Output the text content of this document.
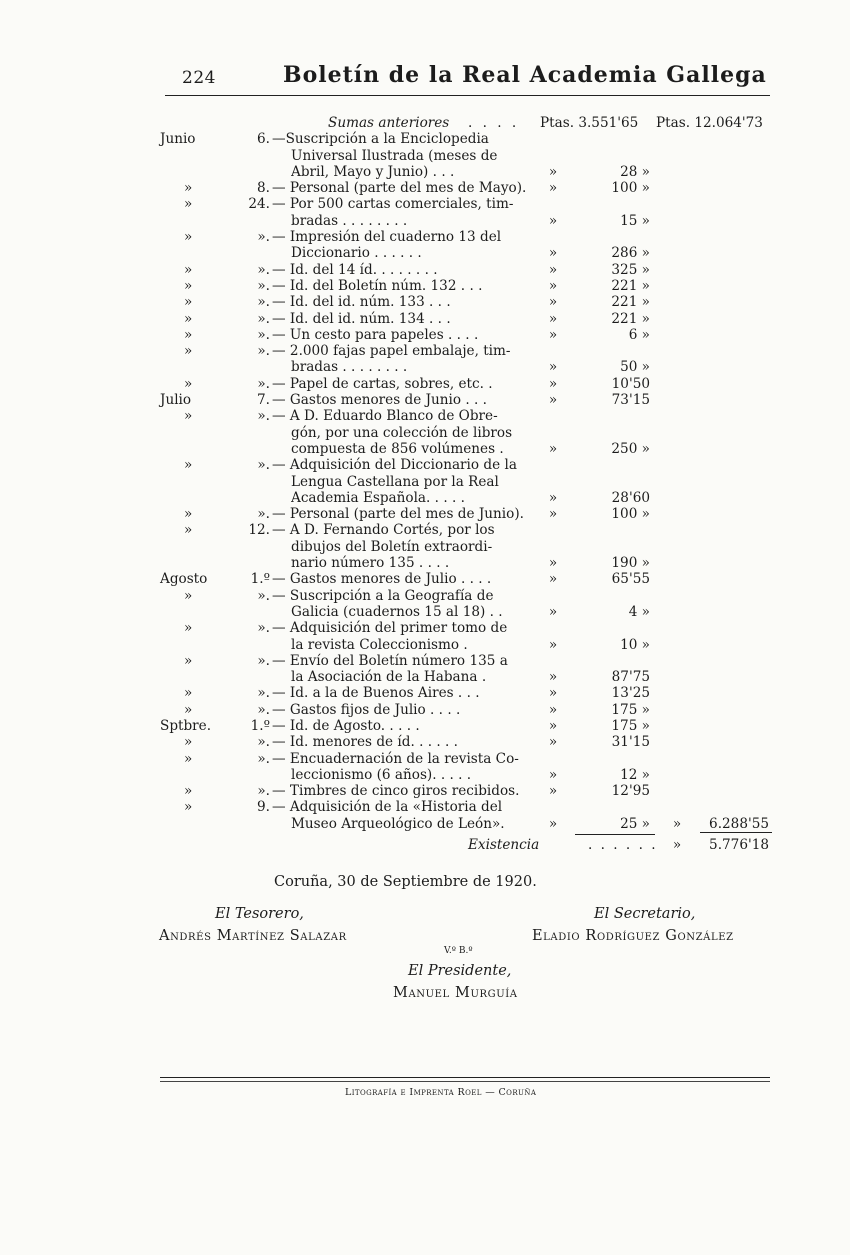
224	Boletín de la Real Academia Gallega
Sumas anteriores . . . . Ptas. 3.551'65 Ptas. 12.064'73
Junio	6. —Suscripción a la Enciclopedia
Universal Ilustrada (meses de
Abril, Mayo y Junio) . . .	»	28 »
»	8. — Personal (parte del mes de Mayo).	»	100 »
»	24. — Por 500 cartas comerciales, tim-
bradas . . . . . . . .	»	15 »
»	». — Impresión del cuaderno 13 del
Diccionario . . . . . .	»	286 »
»	». — Id. del 14 íd. . . . . . . .	»	325 »
»	». — Id. del Boletín núm. 132 . . .	»	221 »
»	». — Id. del id. núm. 133 . . .	»	221 »
»	». — Id. del id. núm. 134 . . .	»	221 »
»	». — Un cesto para papeles . . . .	»	6 »
»	». — 2.000 fajas papel embalaje, tim-
bradas . . . . . . . .	»	50 »
»	». — Papel de cartas, sobres, etc. .	»	10'50
Julio	7. — Gastos menores de Junio . . .	»	73'15
»	». — A D. Eduardo Blanco de Obre-
gón, por una colección de libros
compuesta de 856 volúmenes .	»	250 »
»	». — Adquisición del Diccionario de la
Lengua Castellana por la Real
Academia Española. . . . .	»	28'60
»	». — Personal (parte del mes de Junio).	»	100 »
»	12. — A D. Fernando Cortés, por los
dibujos del Boletín extraordi-
nario número 135 . . . .	»	190 »
Agosto	1.º — Gastos menores de Julio . . . .	»	65'55
»	». — Suscripción a la Geografía de
Galicia (cuadernos 15 al 18) . .	»	4 »
»	». — Adquisición del primer tomo de
la revista Coleccionismo .	»	10 »
»	». — Envío del Boletín número 135 a
la Asociación de la Habana .	»	87'75
»	». — Id. a la de Buenos Aires . . .	»	13'25
»	». — Gastos fijos de Julio . . . .	»	175 »
Sptbre.	1.º — Id. de Agosto. . . . .	»	175 »
»	». — Id. menores de íd. . . . . .	»	31'15
»	». — Encuadernación de la revista Co-
leccionismo (6 años). . . . .	»	12 »
»	». — Timbres de cinco giros recibidos.	»	12'95
»	9. — Adquisición de la «Historia del
Museo Arqueológico de León».	»	25 » »	6.288'55
Existencia	. . . . . . »	5.776'18
Coruña, 30 de Septiembre de 1920.
El Tesorero,
Andrés Martínez Salazar
El Secretario,
Eladio Rodríguez González
V.º B.º
El Presidente,
Manuel Murguía
Litografía e Imprenta Roel — Coruña
